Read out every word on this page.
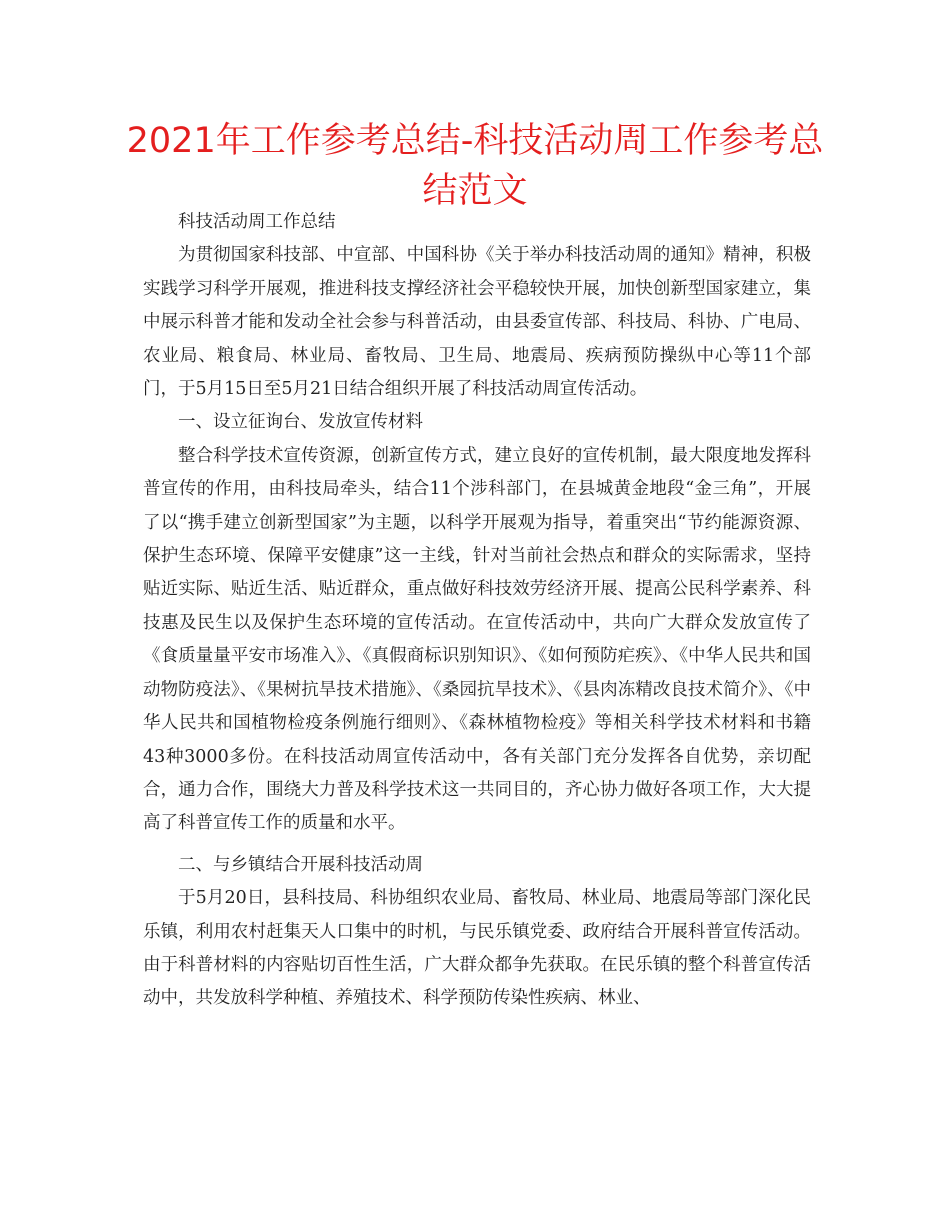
2021年工作参考总结-科技活动周工作参考总结范文

科技活动周工作总结

为贯彻国家科技部、中宣部、中国科协《关于举办科技活动周的通知》精神，积极实践学习科学开展观，推进科技支撑经济社会平稳较快开展，加快创新型国家建立，集中展示科普才能和发动全社会参与科普活动，由县委宣传部、科技局、科协、广电局、农业局、粮食局、林业局、畜牧局、卫生局、地震局、疾病预防操纵中心等11个部门，于5月15日至5月21日结合组织开展了科技活动周宣传活动。

一、设立征询台、发放宣传材料

整合科学技术宣传资源，创新宣传方式，建立良好的宣传机制，最大限度地发挥科普宣传的作用，由科技局牵头，结合11个涉科部门，在县城黄金地段“金三角”，开展了以“携手建立创新型国家”为主题，以科学开展观为指导，着重突出“节约能源资源、保护生态环境、保障平安健康”这一主线，针对当前社会热点和群众的实际需求，坚持贴近实际、贴近生活、贴近群众，重点做好科技效劳经济开展、提高公民科学素养、科技惠及民生以及保护生态环境的宣传活动。在宣传活动中，共向广大群众发放宣传了《食质量量平安市场准入》、《真假商标识别知识》、《如何预防疟疾》、《中华人民共和国动物防疫法》、《果树抗旱技术措施》、《桑园抗旱技术》、《县肉冻精改良技术简介》、《中华人民共和国植物检疫条例施行细则》、《森林植物检疫》等相关科学技术材料和书籍43种3000多份。在科技活动周宣传活动中，各有关部门充分发挥各自优势，亲切配合，通力合作，围绕大力普及科学技术这一共同目的，齐心协力做好各项工作，大大提高了科普宣传工作的质量和水平。

二、与乡镇结合开展科技活动周

于5月20日，县科技局、科协组织农业局、畜牧局、林业局、地震局等部门深化民乐镇，利用农村赶集天人口集中的时机，与民乐镇党委、政府结合开展科普宣传活动。由于科普材料的内容贴切百性生活，广大群众都争先获取。在民乐镇的整个科普宣传活动中，共发放科学种植、养殖技术、科学预防传染性疾病、林业、
